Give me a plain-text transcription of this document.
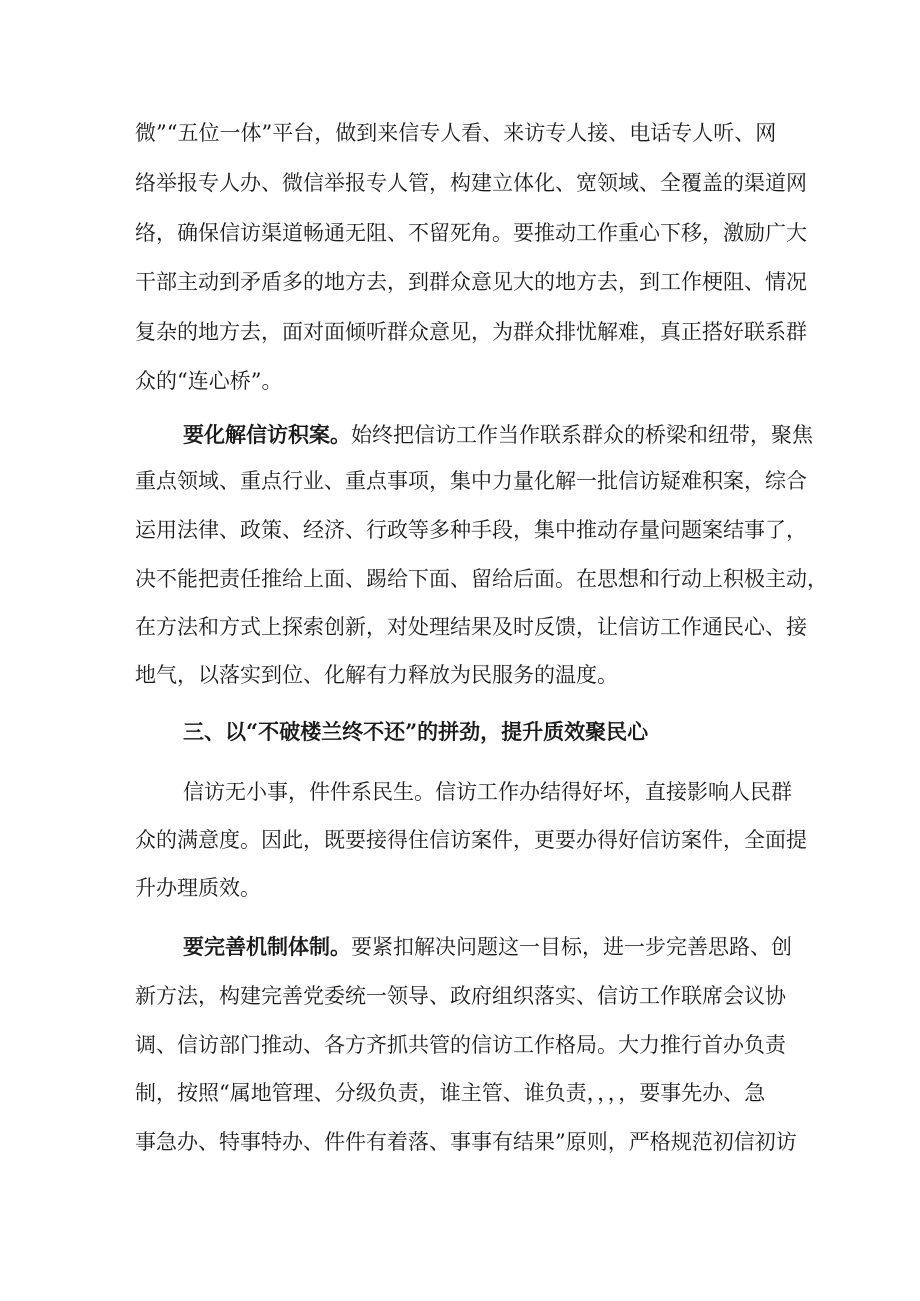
微”“五位一体”平台，做到来信专人看、来访专人接、电话专人听、网
络举报专人办、微信举报专人管，构建立体化、宽领域、全覆盖的渠道网
络，确保信访渠道畅通无阻、不留死角。要推动工作重心下移，激励广大
干部主动到矛盾多的地方去，到群众意见大的地方去，到工作梗阻、情况
复杂的地方去，面对面倾听群众意见，为群众排忧解难，真正搭好联系群
众的“连心桥”。
要化解信访积案。始终把信访工作当作联系群众的桥梁和纽带，聚焦
重点领域、重点行业、重点事项，集中力量化解一批信访疑难积案，综合
运用法律、政策、经济、行政等多种手段，集中推动存量问题案结事了，
决不能把责任推给上面、踢给下面、留给后面。在思想和行动上积极主动，
在方法和方式上探索创新，对处理结果及时反馈，让信访工作通民心、接
地气，以落实到位、化解有力释放为民服务的温度。
三、以“不破楼兰终不还”的拼劲，提升质效聚民心
信访无小事，件件系民生。信访工作办结得好坏，直接影响人民群
众的满意度。因此，既要接得住信访案件，更要办得好信访案件，全面提
升办理质效。
要完善机制体制。要紧扣解决问题这一目标，进一步完善思路、创
新方法，构建完善党委统一领导、政府组织落实、信访工作联席会议协
调、信访部门推动、各方齐抓共管的信访工作格局。大力推行首办负责
制，按照“属地管理、分级负责，谁主管、谁负责，，，，要事先办、急
事急办、特事特办、件件有着落、事事有结果”原则，严格规范初信初访
